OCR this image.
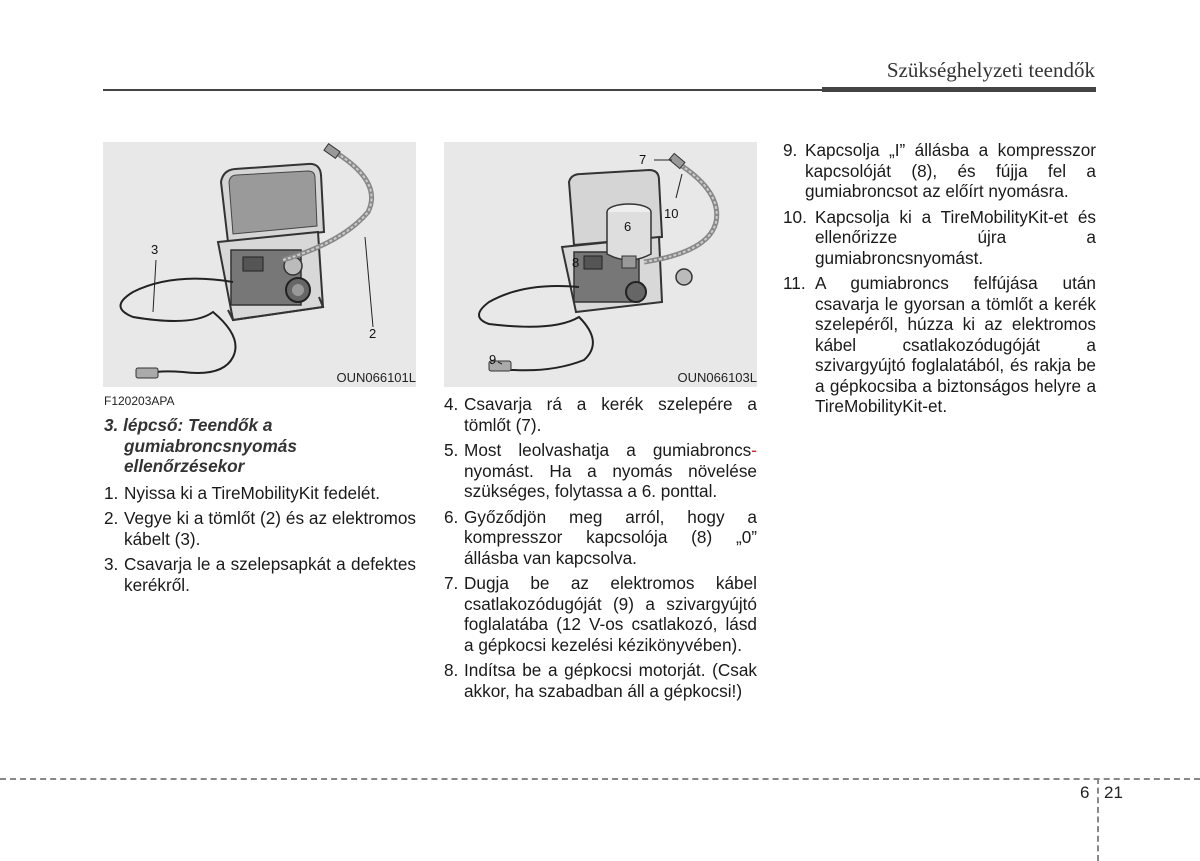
Szükséghelyzeti teendők
3
2
OUN066101L
7
10
6
8
9
OUN066103L
F120203APA
3. lépcső: Teendők a gumiabroncsnyomás ellenőrzésekor
1. Nyissa ki a TireMobilityKit fedelét.
2. Vegye ki a tömlőt (2) és az elektromos kábelt (3).
3. Csavarja le a szelepsapkát a defektes kerékről.
4. Csavarja rá a kerék szelepére a tömlőt (7).
5. Most leolvashatja a gumiabroncs- nyomást. Ha a nyomás növelése szükséges, folytassa a 6. ponttal.
6. Győződjön meg arról, hogy a kompresszor kapcsolója (8) „0” állásba van kapcsolva.
7. Dugja be az elektromos kábel csatlakozódugóját (9) a szivargyújtó foglalatába (12 V-os csatlakozó, lásd a gépkocsi kezelési kézikönyvében).
8. Indítsa be a gépkocsi motorját. (Csak akkor, ha szabadban áll a gépkocsi!)
9. Kapcsolja „I” állásba a kompresszor kapcsolóját (8), és fújja fel a gumiabroncsot az előírt nyomásra.
10. Kapcsolja ki a TireMobilityKit-et és ellenőrizze újra a gumiabroncsnyomást.
11. A gumiabroncs felfújása után csavarja le gyorsan a tömlőt a kerék szelepéről, húzza ki az elektromos kábel csatlakozódugóját a szivargyújtó foglalatából, és rakja be a gépkocsiba a biztonságos helyre a TireMobilityKit-et.
6 21
